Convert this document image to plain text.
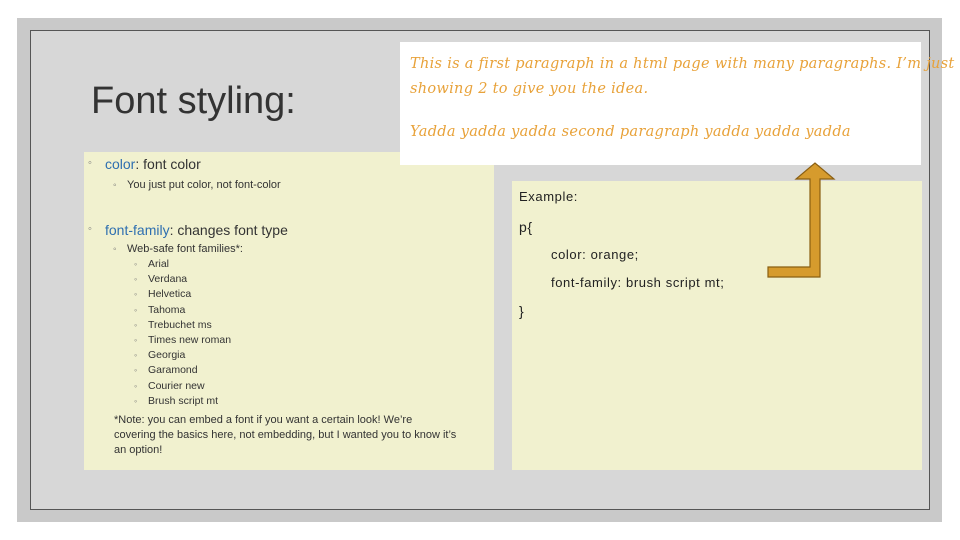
Font styling:
This is a first paragraph in a html page with many paragraphs. I’m just
showing 2 to give you the idea.
Yadda yadda yadda second paragraph yadda yadda yadda
◦ color: font color
◦ You just put color, not font-color
◦ font-family: changes font type
◦ Web-safe font families*:
◦ Arial
◦ Verdana
◦ Helvetica
◦ Tahoma
◦ Trebuchet ms
◦ Times new roman
◦ Georgia
◦ Garamond
◦ Courier new
◦ Brush script mt
*Note: you can embed a font if you want a certain look! We’re
covering the basics here, not embedding, but I wanted you to know it’s
an option!
Example:
p{
color: orange;
font-family: brush script mt;
}
